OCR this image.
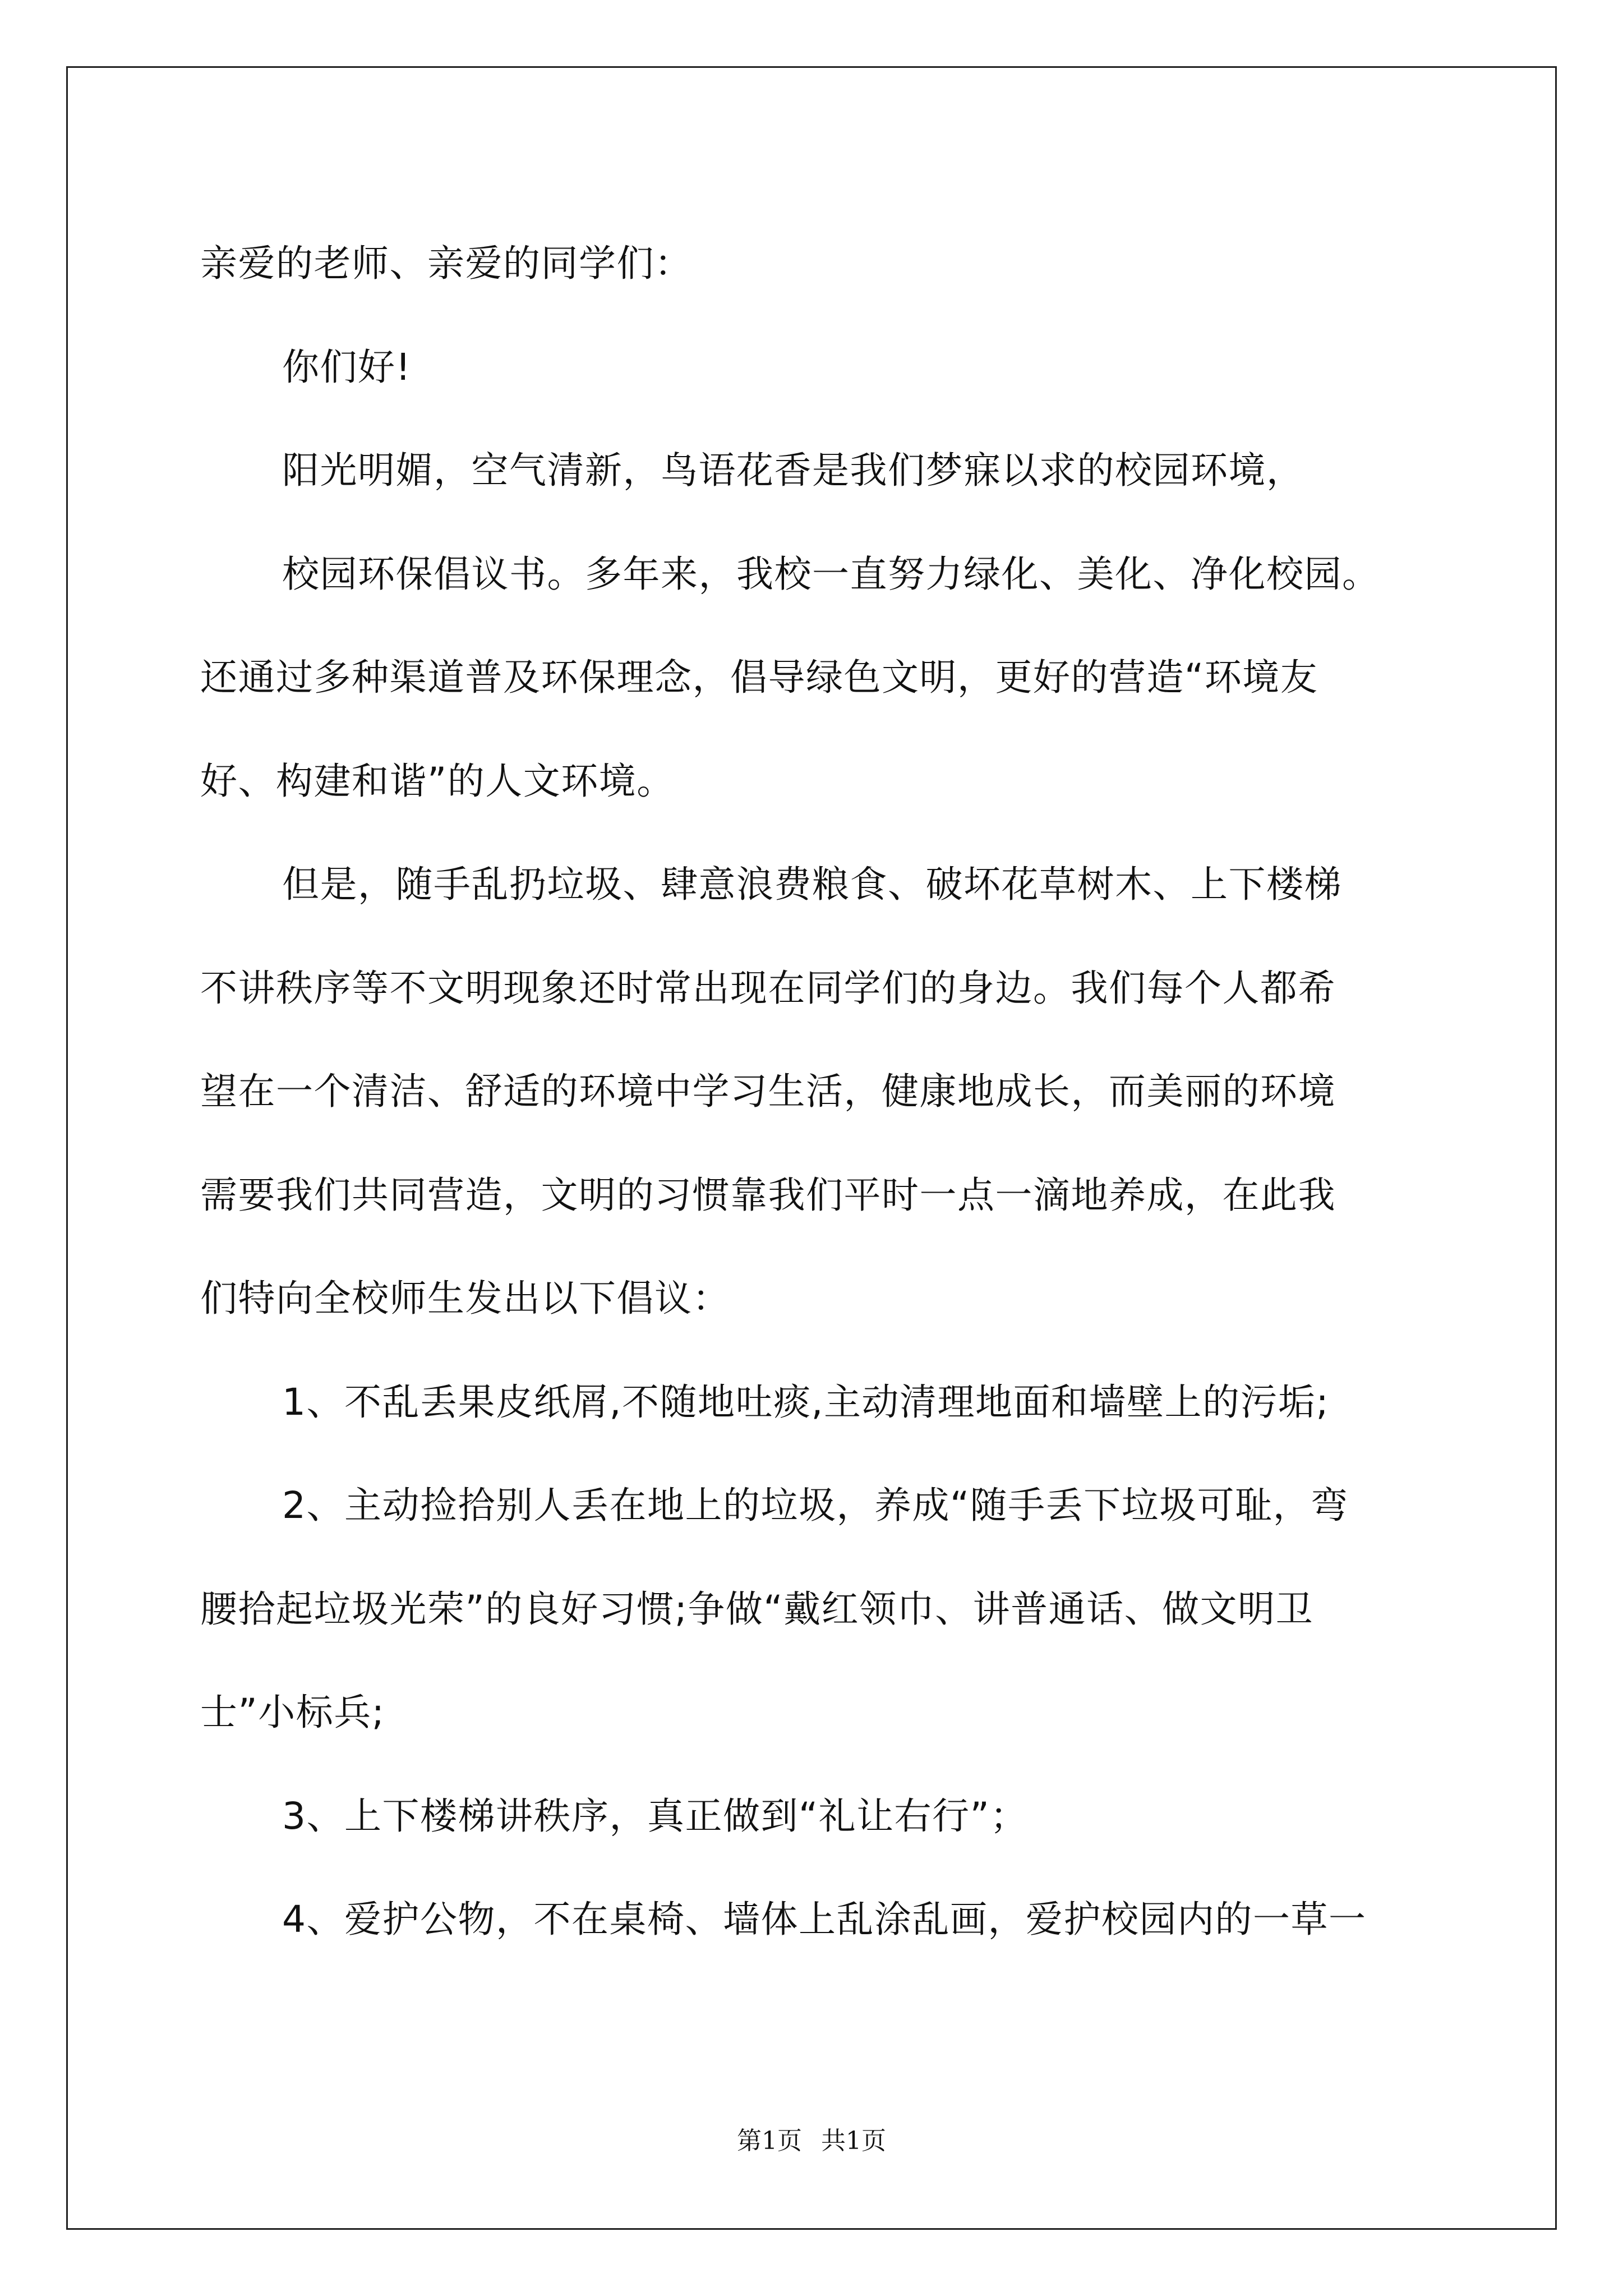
亲爱的老师、亲爱的同学们：

你们好!

阳光明媚，空气清新，鸟语花香是我们梦寐以求的校园环境，

校园环保倡议书。多年来，我校一直努力绿化、美化、净化校园。

还通过多种渠道普及环保理念，倡导绿色文明，更好的营造“环境友

好、构建和谐”的人文环境。

但是，随手乱扔垃圾、肆意浪费粮食、破坏花草树木、上下楼梯

不讲秩序等不文明现象还时常出现在同学们的身边。我们每个人都希

望在一个清洁、舒适的环境中学习生活，健康地成长，而美丽的环境

需要我们共同营造，文明的习惯靠我们平时一点一滴地养成，在此我

们特向全校师生发出以下倡议：

1、不乱丢果皮纸屑,不随地吐痰,主动清理地面和墙壁上的污垢;

2、主动捡拾别人丢在地上的垃圾，养成“随手丢下垃圾可耻，弯

腰拾起垃圾光荣”的良好习惯;争做“戴红领巾、讲普通话、做文明卫

士”小标兵;

3、上下楼梯讲秩序，真正做到“礼让右行”；

4、爱护公物，不在桌椅、墙体上乱涂乱画，爱护校园内的一草一

第1页 共1页
